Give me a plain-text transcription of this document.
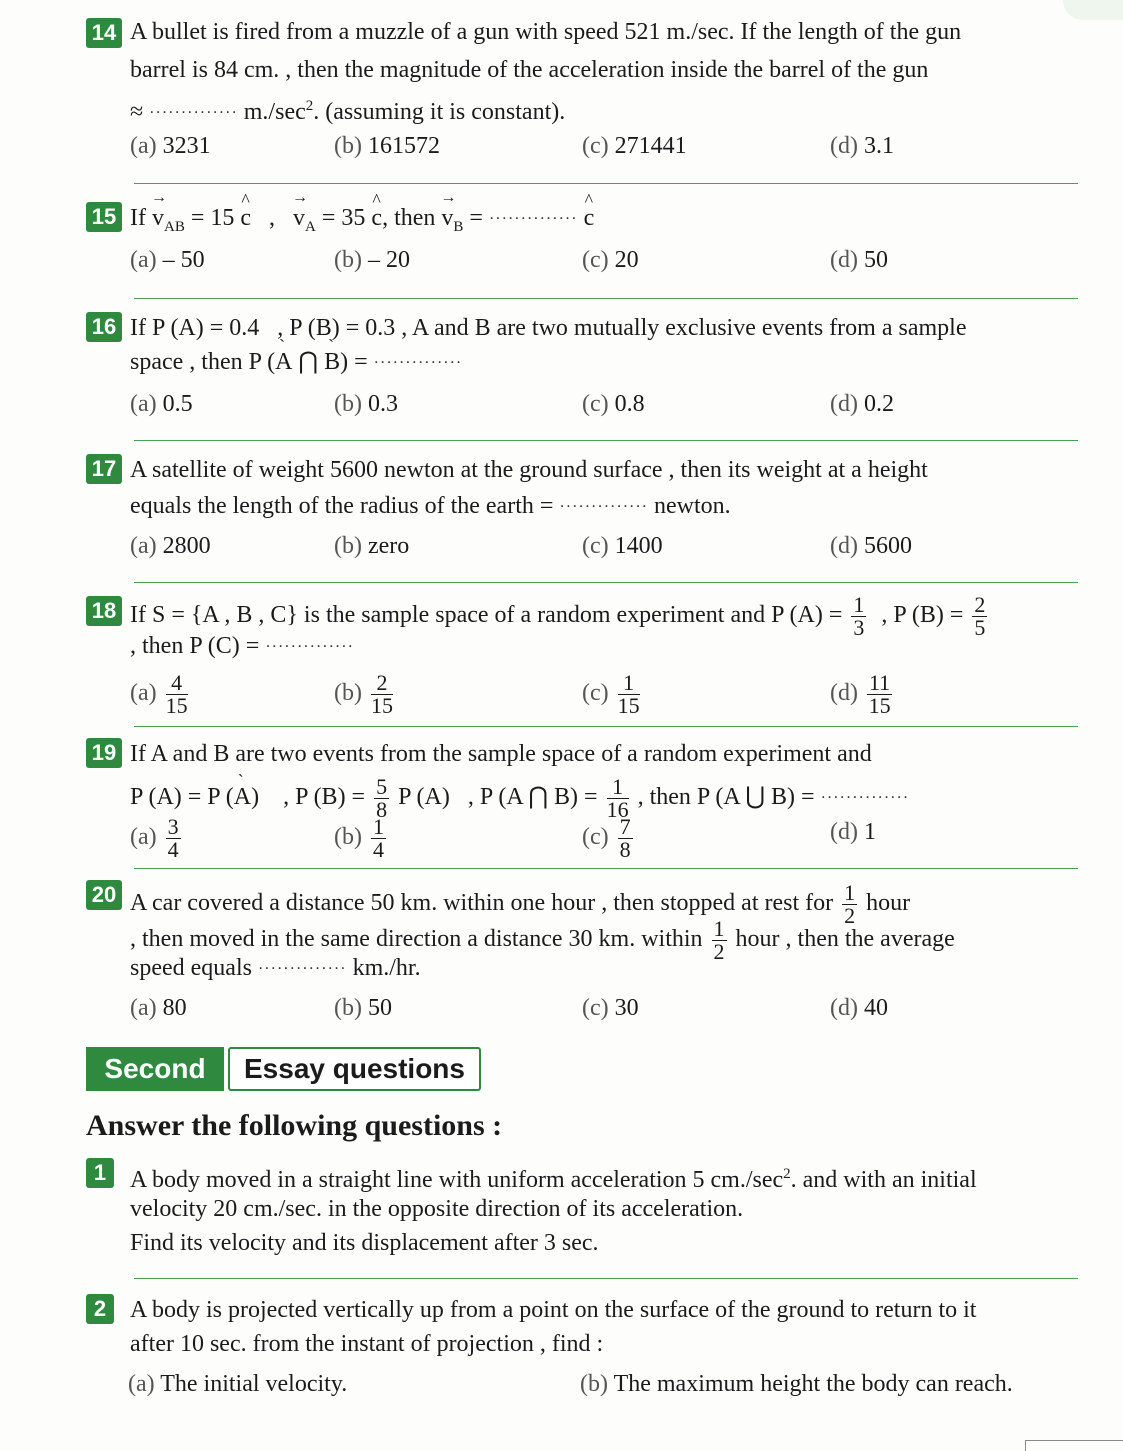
14 A bullet is fired from a muzzle of a gun with speed 521 m./sec. If the length of the gun
barrel is 84 cm. , then the magnitude of the acceleration inside the barrel of the gun
≈ ·············· $m./\sec^2$. (assuming it is constant).
(a) 3231	(b) 161572	(c) 271441	(d) 3.1
15 $If \to v_{AB} = 15$ ^ c , → $v_A = 35$ ^ c, then → $v_B$ = ·············· ^ c
(a) – 50	(b) – 20	(c) 20	(d) 50
16 If P (A) = 0.4 , P (B) = 0.3 , A and B are two mutually exclusive events from a sample
space , then P (ˋ A ⋂ ˋ B) = ··············
(a) 0.5	(b) 0.3	(c) 0.8	(d) 0.2
17 A satellite of weight 5600 newton at the ground surface , then its weight at a height
equals the length of the radius of the earth = ·············· newton.
(a) 2800	(b) zero	(c) 1400	(d) 5600
18 If S = {A , B , C} is the sample space of a random experiment and P $(A) = \frac{1}{3}$ , P $(B) = \frac{2}{5}$
, then P (C) = ··············
$(a) \frac{4}{15}$	$(b) \frac{2}{15}$	$(c) \frac{1}{15}$	$(d) \frac{11}{15}$
19 If A and B are two events from the sample space of a random experiment and
P (A) = P (ˋ A) , P $(B) = \frac{5}{8}$ P (A) , P (A ⋂ $B) = \frac{1}{16}$ , then P (A ⋃ B) = ··············
$(a) \frac{3}{4}$	$(b) \frac{1}{4}$	$(c) \frac{7}{8}$	(d) 1
20 A car covered a distance 50 km. within one hour , then stopped at rest for $\frac{1}{2}$ hour
, then moved in the same direction a distance 30 km. within $\frac{1}{2}$ hour , then the average
speed equals ·············· km./hr.
(a) 80	(b) 50	(c) 30	(d) 40
Second	Essay questions
Answer the following questions :
1 A body moved in a straight line with uniform acceleration 5 $cm./\sec^2$. and with an initial
velocity 20 cm./sec. in the opposite direction of its acceleration.
Find its velocity and its displacement after 3 sec.
2 A body is projected vertically up from a point on the surface of the ground to return to it
after 10 sec. from the instant of projection , find :
(a) The initial velocity.	(b) The maximum height the body can reach.
